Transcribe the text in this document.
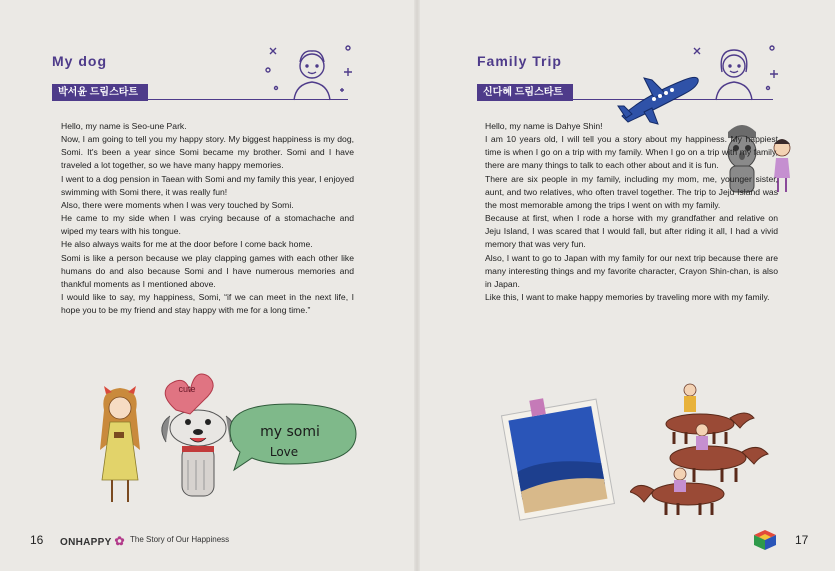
My dog
박서윤 드림스타트

Hello, my name is Seo-une Park.

Now, I am going to tell you my happy story. My biggest happiness is my dog, Somi. It's been a year since Somi became my brother. Somi and I have traveled a lot together, so we have many happy memories.

I went to a dog pension in Taean with Somi and my family this year, I enjoyed swimming with Somi there, it was really fun!

Also, there were moments when I was very touched by Somi.

He came to my side when I was crying because of a stomachache and wiped my tears with his tongue.

He also always waits for me at the door before I come back home.

Somi is like a person because we play clapping games with each other like humans do and also because Somi and I have numerous memories and thankful moments as I mentioned above.

I would like to say, my happiness, Somi, “if we can meet in the next life, I hope you to be my friend and stay happy with me for a long time.”

cute
my somi
Love
16 ONHAPPY ✿ The Story of Our Happiness
Family Trip
신다혜 드림스타트

Hello, my name is Dahye Shin!

I am 10 years old, I will tell you a story about my happiness. My happiest time is when I go on a trip with my family. When I go on a trip with my family, there are many things to talk to each other about and it is fun.

There are six people in my family, including my mom, me, younger sister, aunt, and two relatives, who often travel together. The trip to Jeju Island was the most memorable among the trips I went on with my family.

Because at first, when I rode a horse with my grandfather and relative on Jeju Island, I was scared that I would fall, but after riding it all, I had a vivid memory that was very fun.

Also, I want to go to Japan with my family for our next trip because there are many interesting things and my favorite character, Crayon Shin-chan, is also in Japan.

Like this, I want to make happy memories by traveling more with my family.

17
